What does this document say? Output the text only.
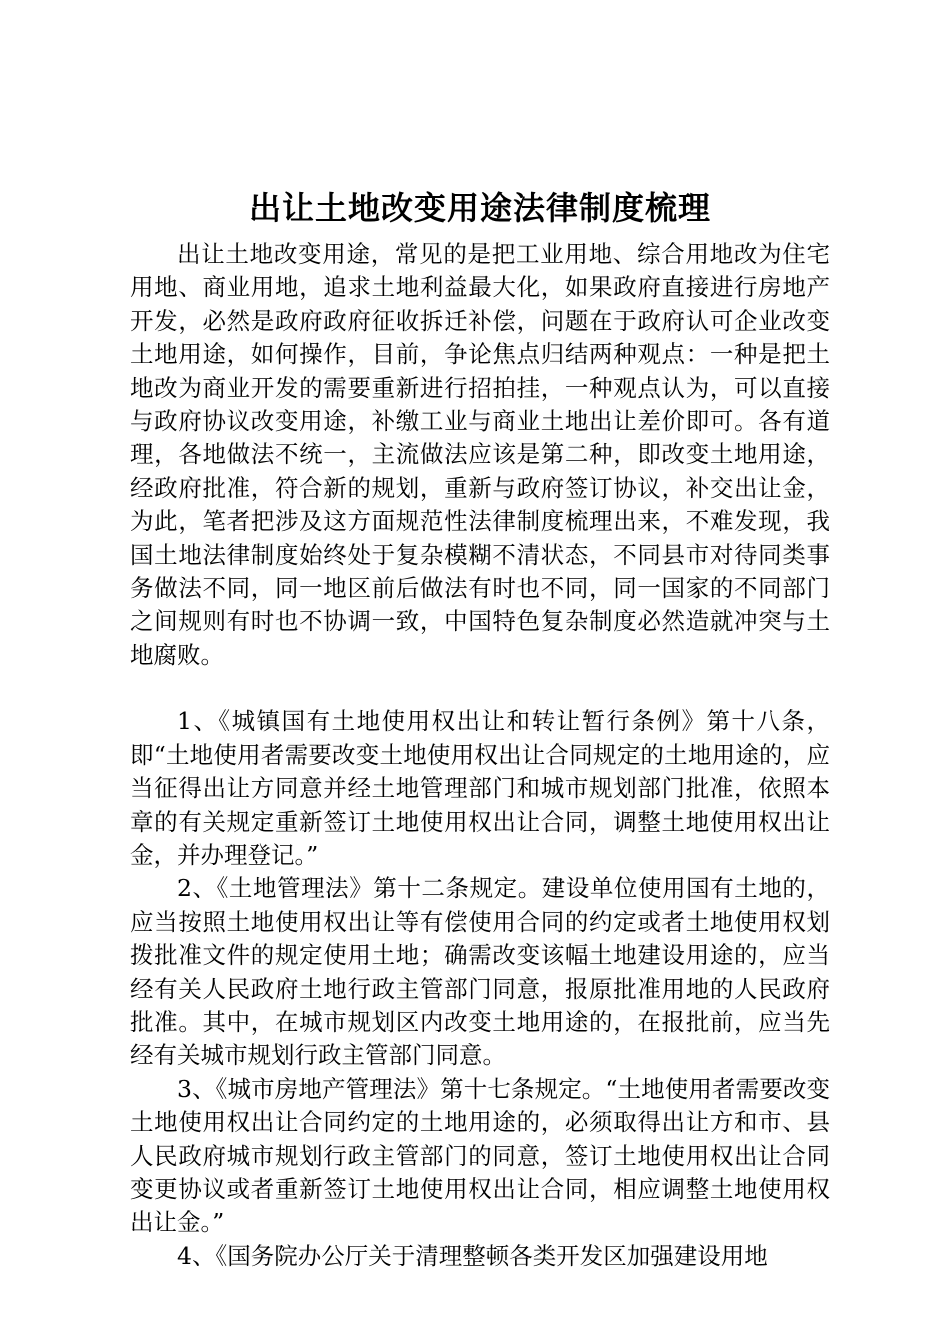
出让土地改变用途法律制度梳理

出让土地改变用途，常见的是把工业用地、综合用地改为住宅用地、商业用地，追求土地利益最大化，如果政府直接进行房地产开发，必然是政府政府征收拆迁补偿，问题在于政府认可企业改变土地用途，如何操作，目前，争论焦点归结两种观点：一种是把土地改为商业开发的需要重新进行招拍挂，一种观点认为，可以直接与政府协议改变用途，补缴工业与商业土地出让差价即可。各有道理，各地做法不统一，主流做法应该是第二种，即改变土地用途，经政府批准，符合新的规划，重新与政府签订协议，补交出让金，为此，笔者把涉及这方面规范性法律制度梳理出来，不难发现，我国土地法律制度始终处于复杂模糊不清状态，不同县市对待同类事务做法不同，同一地区前后做法有时也不同，同一国家的不同部门之间规则有时也不协调一致，中国特色复杂制度必然造就冲突与土地腐败。

1、《城镇国有土地使用权出让和转让暂行条例》第十八条，即“土地使用者需要改变土地使用权出让合同规定的土地用途的，应当征得出让方同意并经土地管理部门和城市规划部门批准，依照本章的有关规定重新签订土地使用权出让合同，调整土地使用权出让金，并办理登记。”

2、《土地管理法》第十二条规定。建设单位使用国有土地的，应当按照土地使用权出让等有偿使用合同的约定或者土地使用权划拨批准文件的规定使用土地；确需改变该幅土地建设用途的，应当经有关人民政府土地行政主管部门同意，报原批准用地的人民政府批准。其中，在城市规划区内改变土地用途的，在报批前，应当先经有关城市规划行政主管部门同意。

3、《城市房地产管理法》第十七条规定。“土地使用者需要改变土地使用权出让合同约定的土地用途的，必须取得出让方和市、县人民政府城市规划行政主管部门的同意，签订土地使用权出让合同变更协议或者重新签订土地使用权出让合同，相应调整土地使用权出让金。”

4、《国务院办公厅关于清理整顿各类开发区加强建设用地
